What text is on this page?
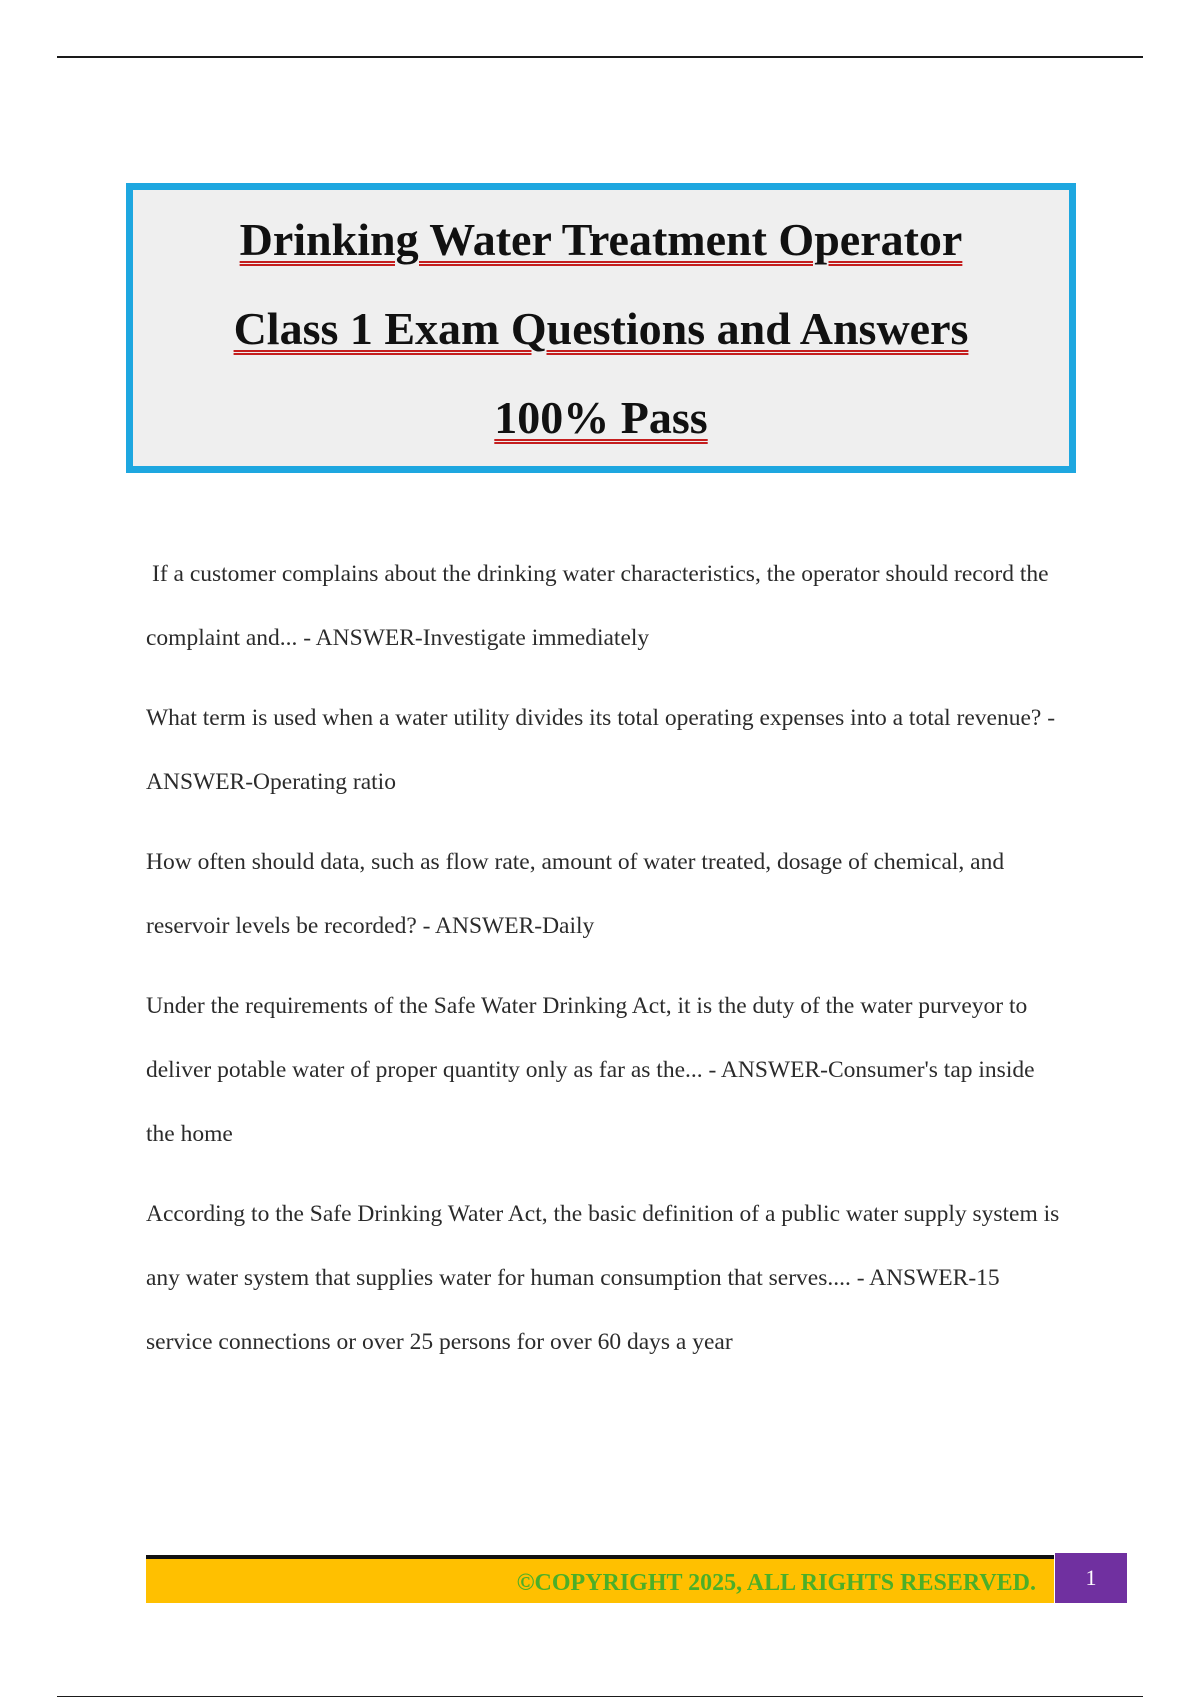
Drinking Water Treatment Operator
Class 1 Exam Questions and Answers
100% Pass
If a customer complains about the drinking water characteristics, the operator should record the complaint and... - ANSWER-Investigate immediately
What term is used when a water utility divides its total operating expenses into a total revenue? - ANSWER-Operating ratio
How often should data, such as flow rate, amount of water treated, dosage of chemical, and reservoir levels be recorded? - ANSWER-Daily
Under the requirements of the Safe Water Drinking Act, it is the duty of the water purveyor to deliver potable water of proper quantity only as far as the... - ANSWER-Consumer's tap inside the home
According to the Safe Drinking Water Act, the basic definition of a public water supply system is any water system that supplies water for human consumption that serves.... - ANSWER-15 service connections or over 25 persons for over 60 days a year
©COPYRIGHT 2025, ALL RIGHTS RESERVED.	1
